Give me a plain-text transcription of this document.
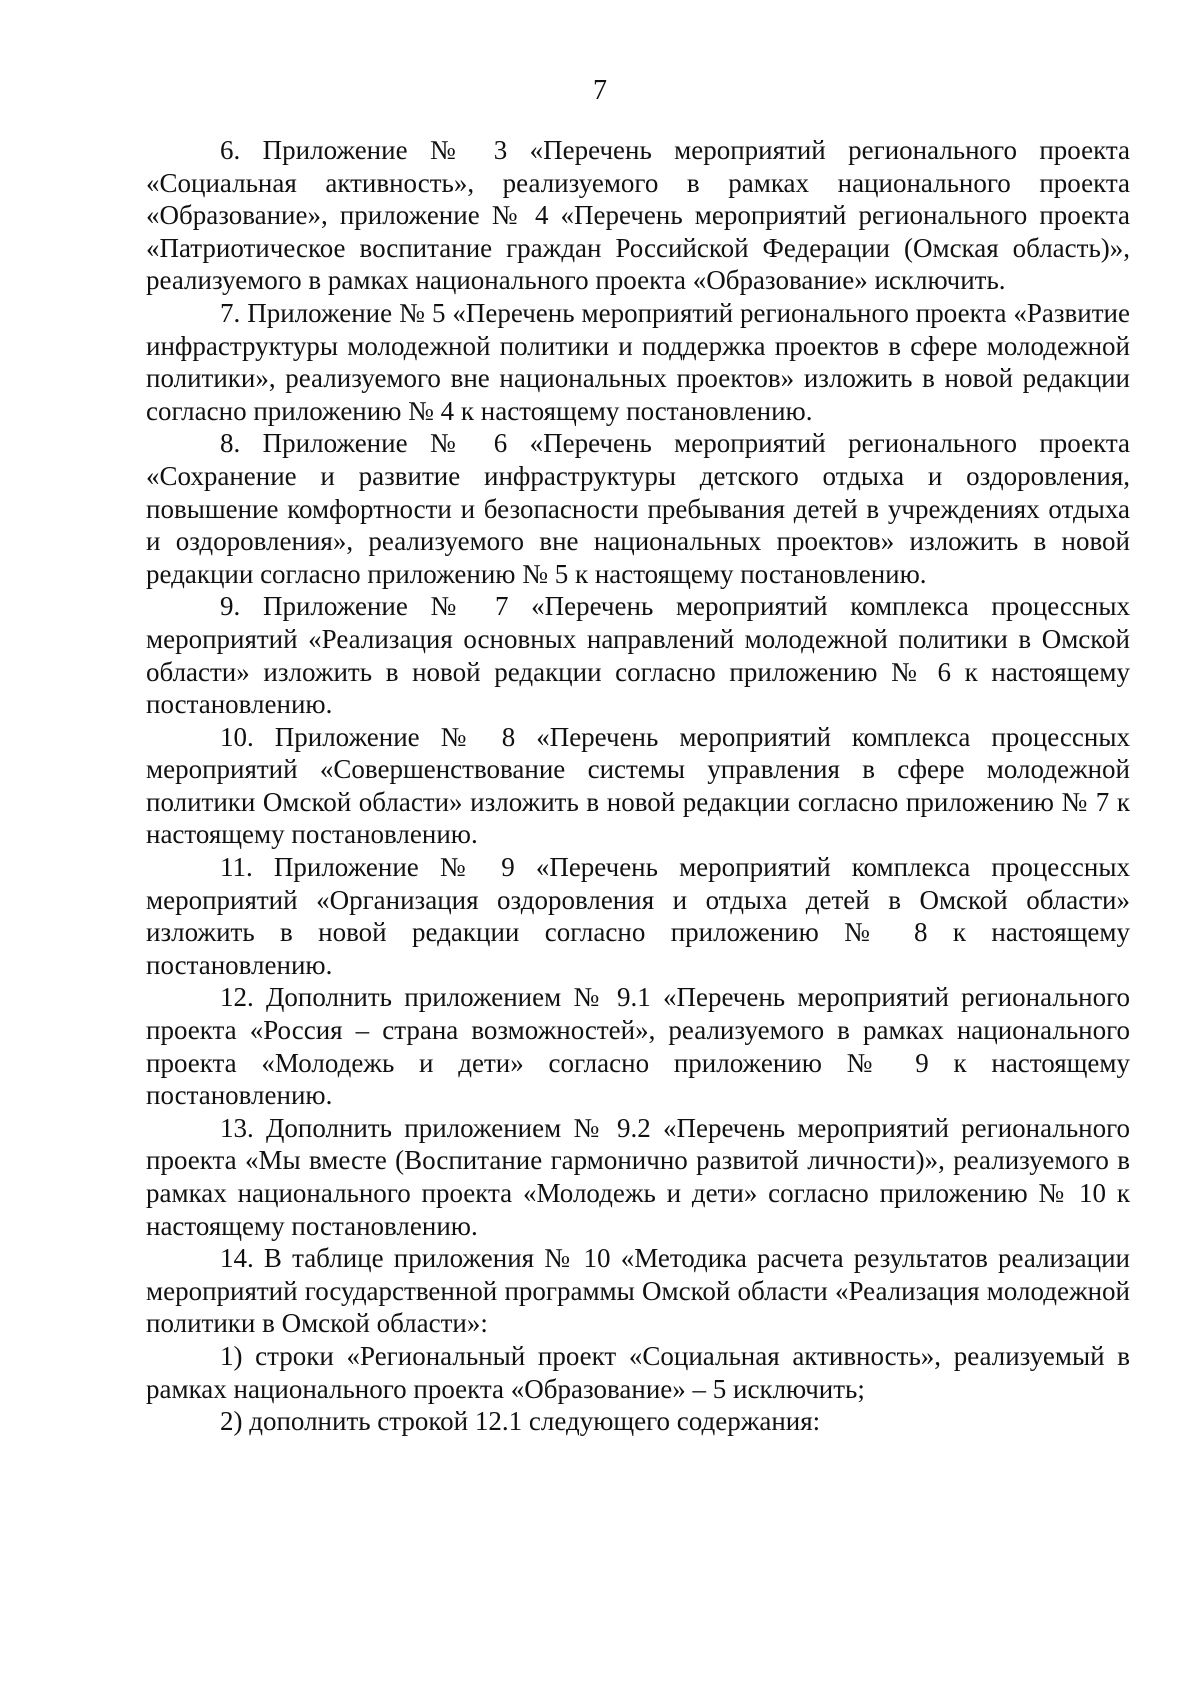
7

6. Приложение № 3 «Перечень мероприятий регионального проекта «Социальная активность», реализуемого в рамках национального проекта «Образование», приложение № 4 «Перечень мероприятий регионального проекта «Патриотическое воспитание граждан Российской Федерации (Омская область)», реализуемого в рамках национального проекта «Образование» исключить.

7. Приложение № 5 «Перечень мероприятий регионального проекта «Развитие инфраструктуры молодежной политики и поддержка проектов в сфере молодежной политики», реализуемого вне национальных проектов» изложить в новой редакции согласно приложению № 4 к настоящему постановлению.

8. Приложение № 6 «Перечень мероприятий регионального проекта «Сохранение и развитие инфраструктуры детского отдыха и оздоровления, повышение комфортности и безопасности пребывания детей в учреждениях отдыха и оздоровления», реализуемого вне национальных проектов» изложить в новой редакции согласно приложению № 5 к настоящему постановлению.

9. Приложение № 7 «Перечень мероприятий комплекса процессных мероприятий «Реализация основных направлений молодежной политики в Омской области» изложить в новой редакции согласно приложению № 6 к настоящему постановлению.

10. Приложение № 8 «Перечень мероприятий комплекса процессных мероприятий «Совершенствование системы управления в сфере молодежной политики Омской области» изложить в новой редакции согласно приложению № 7 к настоящему постановлению.

11. Приложение № 9 «Перечень мероприятий комплекса процессных мероприятий «Организация оздоровления и отдыха детей в Омской области» изложить в новой редакции согласно приложению № 8 к настоящему постановлению.

12. Дополнить приложением № 9.1 «Перечень мероприятий регионального проекта «Россия – страна возможностей», реализуемого в рамках национального проекта «Молодежь и дети» согласно приложению № 9 к настоящему постановлению.

13. Дополнить приложением № 9.2 «Перечень мероприятий регионального проекта «Мы вместе (Воспитание гармонично развитой личности)», реализуемого в рамках национального проекта «Молодежь и дети» согласно приложению № 10 к настоящему постановлению.

14. В таблице приложения № 10 «Методика расчета результатов реализации мероприятий государственной программы Омской области «Реализация молодежной политики в Омской области»:

1) строки «Региональный проект «Социальная активность», реализуемый в рамках национального проекта «Образование» – 5 исключить;

2) дополнить строкой 12.1 следующего содержания:
